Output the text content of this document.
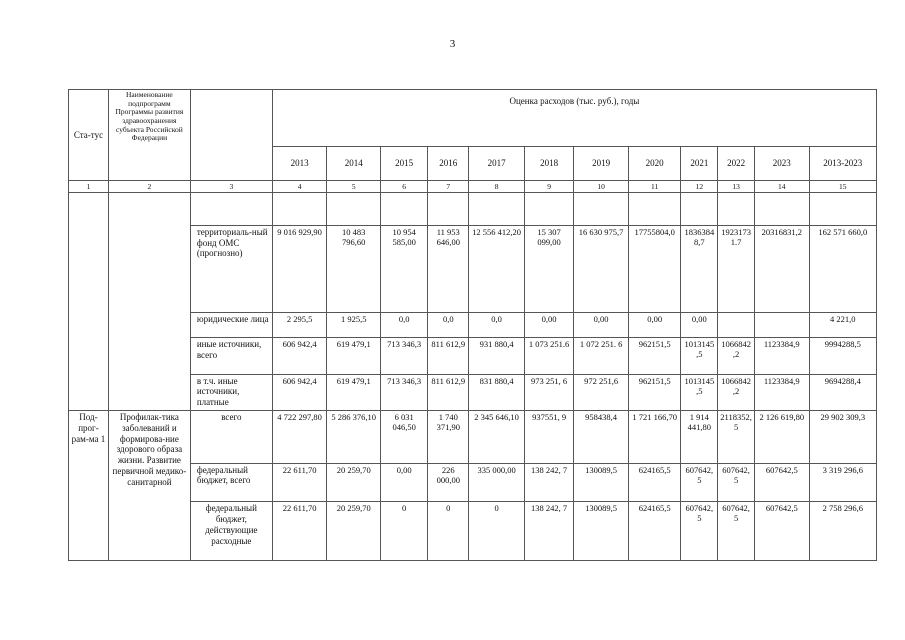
3
Ста-тус	Наименование подпрограмм Программы развития здравоохранения субъекта Российской Федерации		Оценка расходов (тыс. руб.), годы											
			2013	2014	2015	2016	2017	2018	2019	2020	2021	2022	2023	2013-2023
1	2	3	4	5	6	7	8	9	10	11	12	13	14	15

		территориаль-ный фонд ОМС (прогнозно)	9 016 929,90	10 483 796,60	10 954 585,00	11 953 646,00	12 556 412,20	15 307 099,00	16 630 975,7	17755804,0	18363848,7	19231731.7	20316831,2	162 571 660,0
		юридические лица	2 295,5	1 925,5	0,0	0,0	0,0	0,00	0,00	0,00	0,00			4 221,0
		иные источники, всего	606 942,4	619 479,1	713 346,3	811 612,9	931 880,4	1 073 251.6	1 072 251. 6	962151,5	1013145,5	1066842,2	1123384,9	9994288,5
		в т.ч. иные источники, платные	606 942,4	619 479,1	713 346,3	811 612,9	831 880,4	973 251, 6	972 251,6	962151,5	1013145,5	1066842,2	1123384,9	9694288,4
Под-прог-рам-ма 1	Профилак-тика заболеваний и формирова-ние здорового образа жизни. Развитие первичной медико-санитарной	всего	4 722 297,80	5 286 376,10	6 031 046,50	1 740 371,90	2 345 646,10	937551, 9	958438,4	1 721 166,70	1 914 441,80	2118352,5	2 126 619,80	29 902 309,3
		федеральный бюджет, всего	22 611,70	20 259,70	0,00	226 000,00	335 000,00	138 242, 7	130089,5	624165,5	607642, 5	607642, 5	607642,5	3 319 296,6
		федеральный бюджет, действующие расходные	22 611,70	20 259,70	0	0	0	138 242, 7	130089,5	624165,5	607642, 5	607642, 5	607642,5	2 758 296,6
